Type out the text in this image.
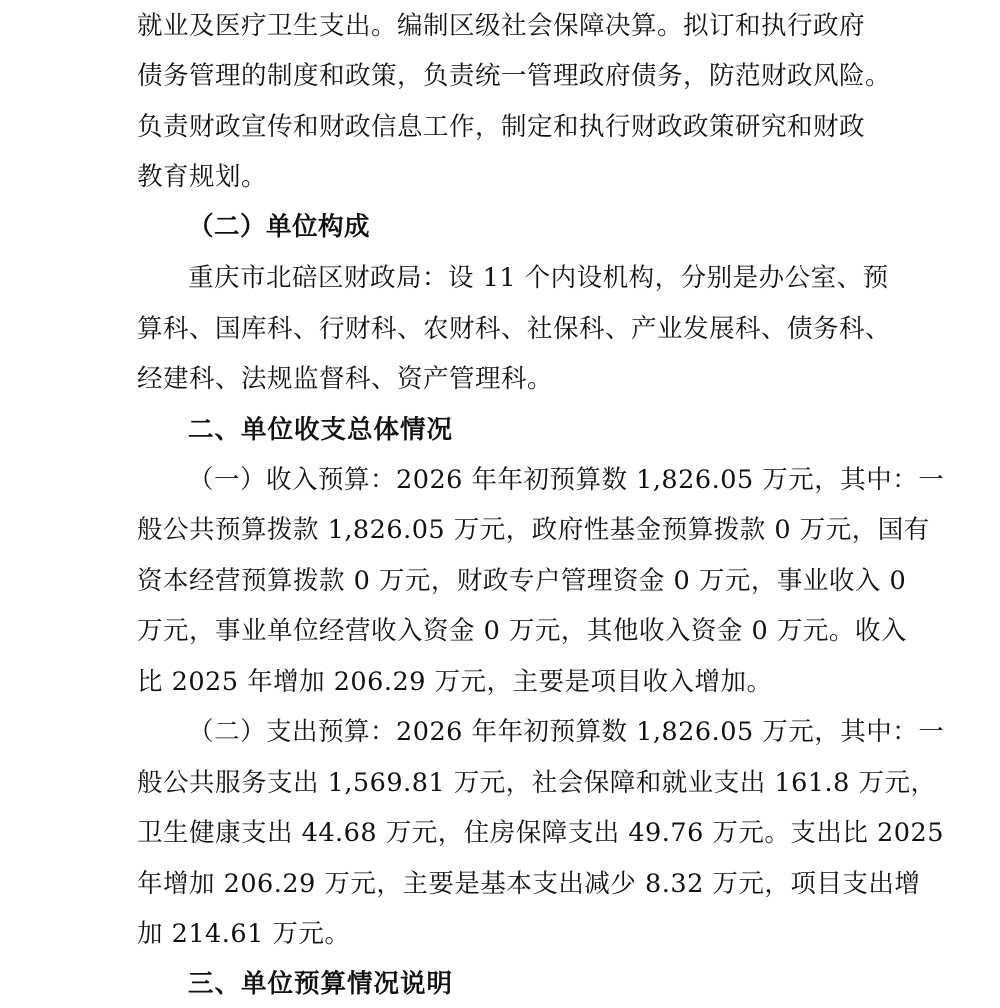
就业及医疗卫生支出。编制区级社会保障决算。拟订和执行政府
债务管理的制度和政策，负责统一管理政府债务，防范财政风险。
负责财政宣传和财政信息工作，制定和执行财政政策研究和财政
教育规划。
（二）单位构成
重庆市北碚区财政局：设 11 个内设机构，分别是办公室、预
算科、国库科、行财科、农财科、社保科、产业发展科、债务科、
经建科、法规监督科、资产管理科。
二、单位收支总体情况
（一）收入预算：2026 年年初预算数 1,826.05 万元，其中：一
般公共预算拨款 1,826.05 万元，政府性基金预算拨款 0 万元，国有
资本经营预算拨款 0 万元，财政专户管理资金 0 万元，事业收入 0
万元，事业单位经营收入资金 0 万元，其他收入资金 0 万元。收入
比 2025 年增加 206.29 万元，主要是项目收入增加。
（二）支出预算：2026 年年初预算数 1,826.05 万元，其中：一
般公共服务支出 1,569.81 万元，社会保障和就业支出 161.8 万元，
卫生健康支出 44.68 万元，住房保障支出 49.76 万元。支出比 2025
年增加 206.29 万元，主要是基本支出减少 8.32 万元，项目支出增
加 214.61 万元。
三、单位预算情况说明
